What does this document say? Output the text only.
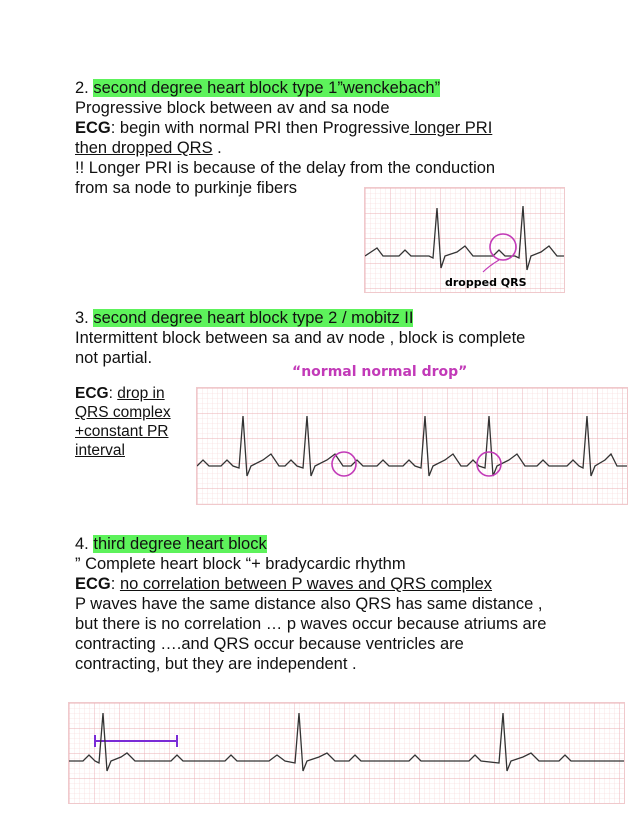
2. second degree heart block type 1”wenckebach”
Progressive block between av and sa node
ECG: begin with normal PRI then Progressive longer PRI
then dropped QRS .
!! Longer PRI is because of the delay from the conduction
from sa node to purkinje fibers
dropped QRS
3. second degree heart block type 2 / mobitz II
Intermittent block between sa and av node , block is complete
not partial.
ECG: drop in
QRS complex
+constant PR
interval
“normal normal drop”
4. third degree heart block
” Complete heart block “+ bradycardic rhythm
ECG: no correlation between P waves and QRS complex
P waves have the same distance also QRS has same distance ,
but there is no correlation … p waves occur because atriums are
contracting ….and QRS occur because ventricles are
contracting, but they are independent .
